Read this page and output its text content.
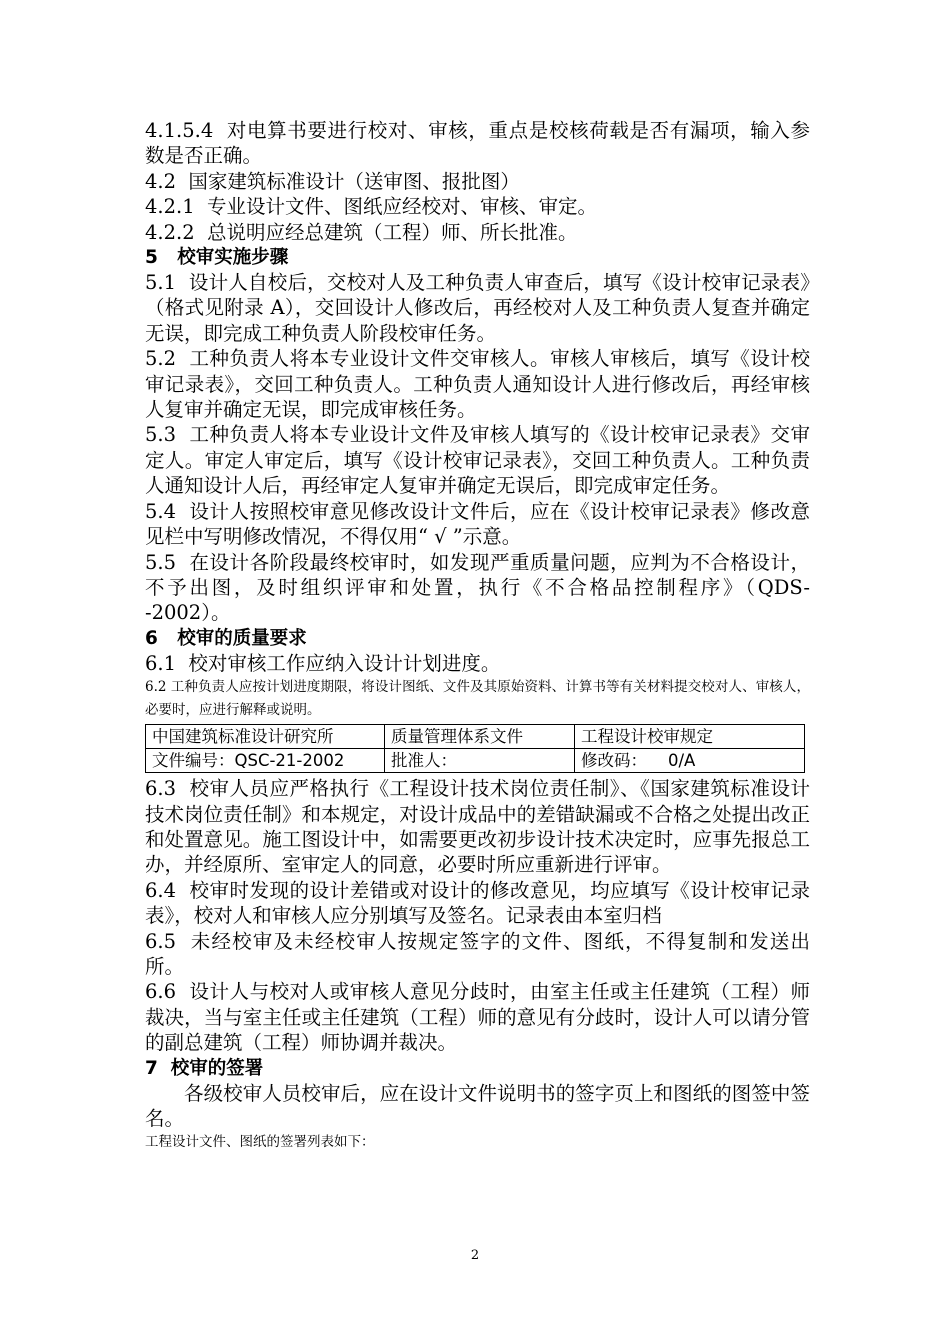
4.1.5.4  对电算书要进行校对、审核，重点是校核荷载是否有漏项，输入参数是否正确。

4.2  国家建筑标准设计（送审图、报批图）

4.2.1  专业设计文件、图纸应经校对、审核、审定。

4.2.2  总说明应经总建筑（工程）师、所长批准。

5   校审实施步骤

5.1  设计人自校后，交校对人及工种负责人审查后，填写《设计校审记录表》（格式见附录 A），交回设计人修改后，再经校对人及工种负责人复查并确定无误，即完成工种负责人阶段校审任务。

5.2  工种负责人将本专业设计文件交审核人。审核人审核后，填写《设计校审记录表》，交回工种负责人。工种负责人通知设计人进行修改后，再经审核人复审并确定无误，即完成审核任务。

5.3  工种负责人将本专业设计文件及审核人填写的《设计校审记录表》交审定人。审定人审定后，填写《设计校审记录表》，交回工种负责人。工种负责人通知设计人后，再经审定人复审并确定无误后，即完成审定任务。

5.4  设计人按照校审意见修改设计文件后，应在《设计校审记录表》修改意见栏中写明修改情况，不得仅用“ √ ”示意。

5.5  在设计各阶段最终校审时，如发现严重质量问题，应判为不合格设计，不予出图，及时组织评审和处置，执行《不合格品控制程序》（QDS-  -2002）。

6   校审的质量要求

6.1  校对审核工作应纳入设计计划进度。

6.2 工种负责人应按计划进度期限，将设计图纸、文件及其原始资料、计算书等有关材料提交校对人、审核人，必要时，应进行解释或说明。

中国建筑标准设计研究所	质量管理体系文件	工程设计校审规定
文件编号：QSC-21-2002	批准人：	修改码：    0/A

6.3  校审人员应严格执行《工程设计技术岗位责任制》、《国家建筑标准设计技术岗位责任制》和本规定，对设计成品中的差错缺漏或不合格之处提出改正和处置意见。施工图设计中，如需要更改初步设计技术决定时，应事先报总工办，并经原所、室审定人的同意，必要时所应重新进行评审。

6.4  校审时发现的设计差错或对设计的修改意见，均应填写《设计校审记录表》，校对人和审核人应分别填写及签名。记录表由本室归档

6.5  未经校审及未经校审人按规定签字的文件、图纸，不得复制和发送出所。

6.6  设计人与校对人或审核人意见分歧时，由室主任或主任建筑（工程）师裁决，当与室主任或主任建筑（工程）师的意见有分歧时，设计人可以请分管的副总建筑（工程）师协调并裁决。

7  校审的签署

各级校审人员校审后，应在设计文件说明书的签字页上和图纸的图签中签名。

工程设计文件、图纸的签署列表如下：

2
